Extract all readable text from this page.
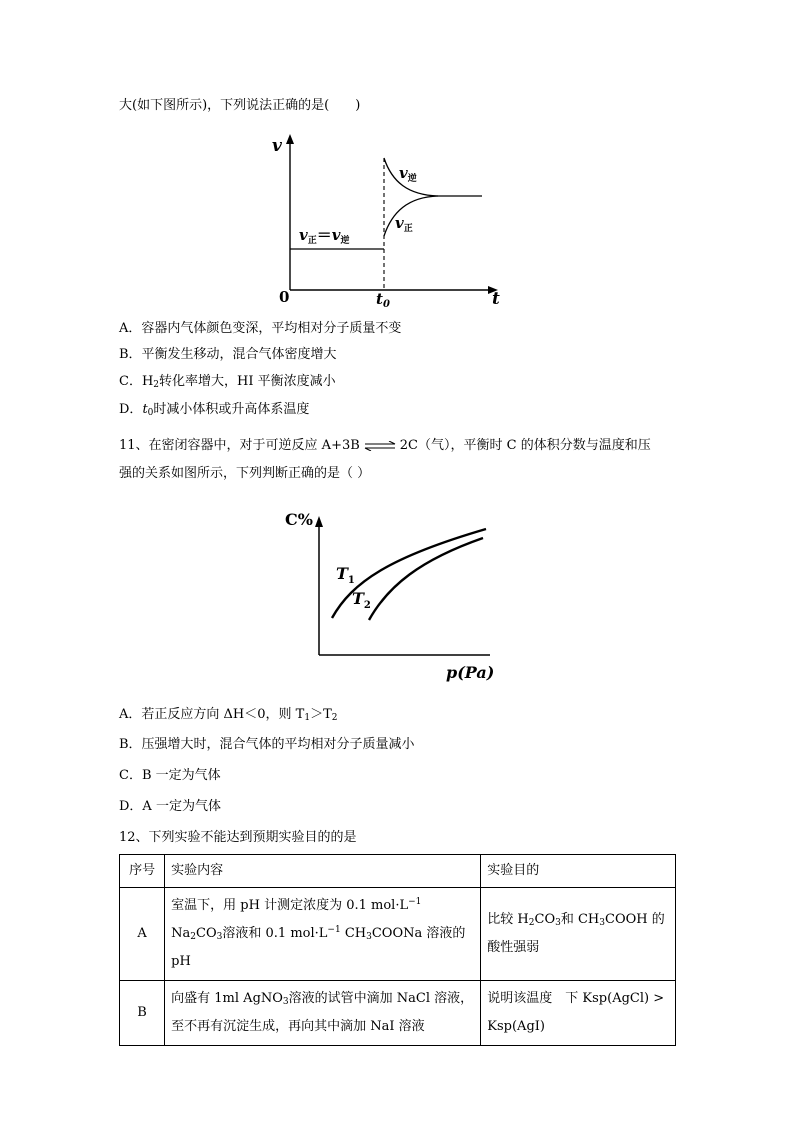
大(如下图所示)，下列说法正确的是(　　)
v
t
0	$t_0$
$v_正=v_逆$
$v_逆$
$v_正$
A．容器内气体颜色变深，平均相对分子质量不变
B．平衡发生移动，混合气体密度增大
C．$H_2$转化率增大，HI 平衡浓度减小
D．$t_0$时减小体积或升高体系温度
11、在密闭容器中，对于可逆反应 A+3B ⇌ 2C（气），平衡时 C 的体积分数与温度和压
强的关系如图所示，下列判断正确的是（ ）
C%
p(Pa)
$T_1$
$T_2$
A．若正反应方向 ΔH＜0，则 $T_1>T_2$
B．压强增大时，混合气体的平均相对分子质量减小
C．B 一定为气体
D．A 一定为气体
12、下列实验不能达到预期实验目的的是
序号	实验内容	实验目的
A	室温下，用 pH 计测定浓度为 0.1 $mol\cdot L^{-1}$ $Na_2CO_3$溶液和 0.1 $mol\cdot L^{-1}$ $CH_3COONa$ 溶液的 pH	比较 $H_2CO_3$和 $CH_3COOH$ 的酸性强弱
B	向盛有 1ml AgNO$_3$溶液的试管中滴加 NaCl 溶液，至不再有沉淀生成，再向其中滴加 NaI 溶液	说明该温度　下 Ksp(AgCl) > Ksp(AgI)
